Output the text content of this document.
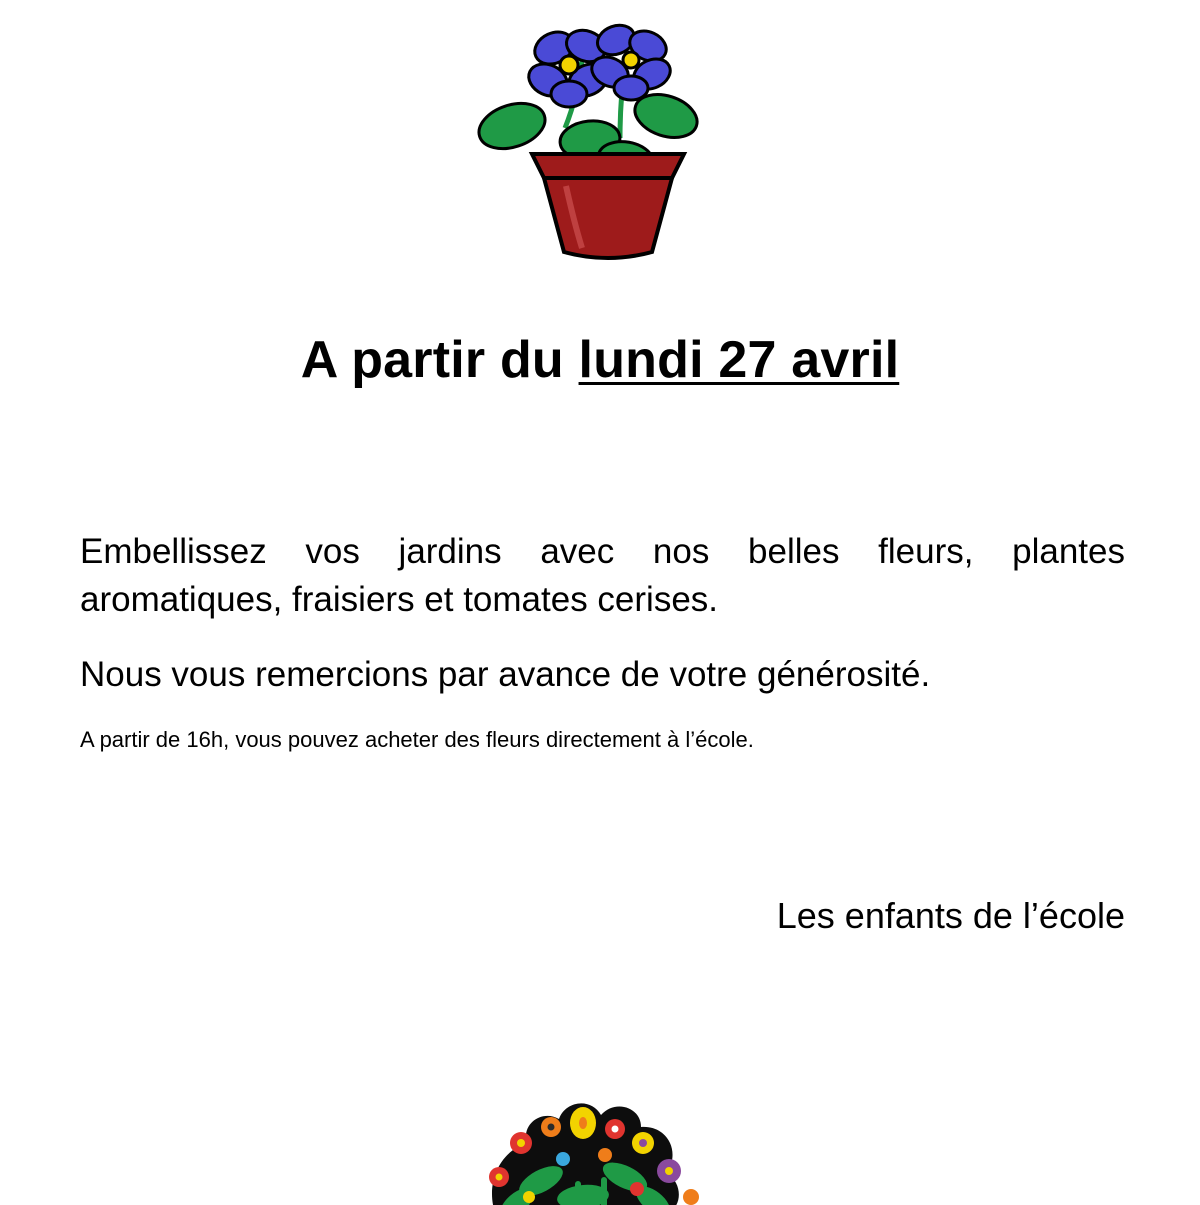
A partir du lundi 27 avril

Embellissez vos jardins avec nos belles fleurs, plantes aromatiques, fraisiers et tomates cerises.

Nous vous remercions par avance de votre générosité.

A partir de 16h, vous pouvez acheter des fleurs directement à l’école.

Les enfants de l’école
